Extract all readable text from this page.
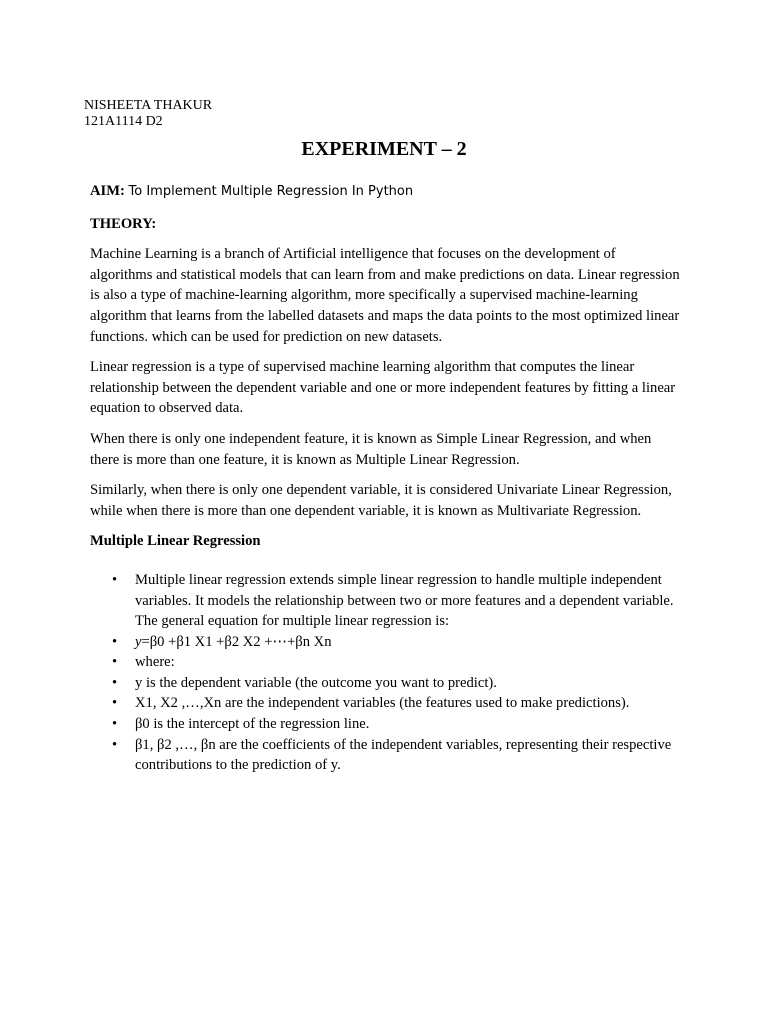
NISHEETA THAKUR
121A1114 D2
EXPERIMENT – 2
AIM: To Implement Multiple Regression In Python
THEORY:

Machine Learning is a branch of Artificial intelligence that focuses on the development of algorithms and statistical models that can learn from and make predictions on data. Linear regression is also a type of machine-learning algorithm, more specifically a supervised machine-learning algorithm that learns from the labelled datasets and maps the data points to the most optimized linear functions. which can be used for prediction on new datasets.

Linear regression is a type of supervised machine learning algorithm that computes the linear relationship between the dependent variable and one or more independent features by fitting a linear equation to observed data.

When there is only one independent feature, it is known as Simple Linear Regression, and when there is more than one feature, it is known as Multiple Linear Regression.

Similarly, when there is only one dependent variable, it is considered Univariate Linear Regression, while when there is more than one dependent variable, it is known as Multivariate Regression.

Multiple Linear Regression
• Multiple linear regression extends simple linear regression to handle multiple independent variables. It models the relationship between two or more features and a dependent variable. The general equation for multiple linear regression is:
• y=β0 +β1 X1 +β2 X2 +⋯+βn Xn
• where:
• y is the dependent variable (the outcome you want to predict).
• X1, X2 ,…,Xn are the independent variables (the features used to make predictions).
• β0 is the intercept of the regression line.
• β1, β2 ,…, βn are the coefficients of the independent variables, representing their respective contributions to the prediction of y.
